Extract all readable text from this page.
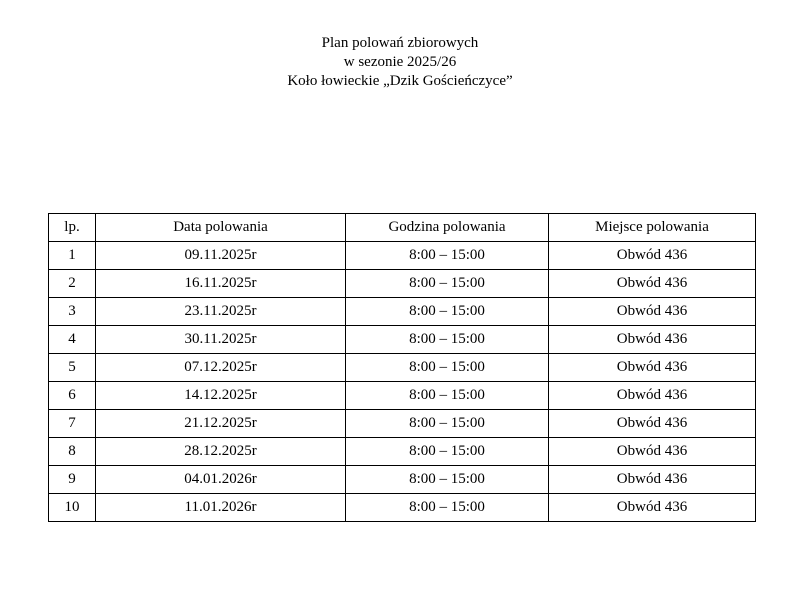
Plan polowań zbiorowych
w sezonie 2025/26
Koło łowieckie „Dzik Gościeńczyce”
lp.	Data polowania	Godzina polowania	Miejsce polowania
1	09.11.2025r	8:00 – 15:00	Obwód 436
2	16.11.2025r	8:00 – 15:00	Obwód 436
3	23.11.2025r	8:00 – 15:00	Obwód 436
4	30.11.2025r	8:00 – 15:00	Obwód 436
5	07.12.2025r	8:00 – 15:00	Obwód 436
6	14.12.2025r	8:00 – 15:00	Obwód 436
7	21.12.2025r	8:00 – 15:00	Obwód 436
8	28.12.2025r	8:00 – 15:00	Obwód 436
9	04.01.2026r	8:00 – 15:00	Obwód 436
10	11.01.2026r	8:00 – 15:00	Obwód 436
